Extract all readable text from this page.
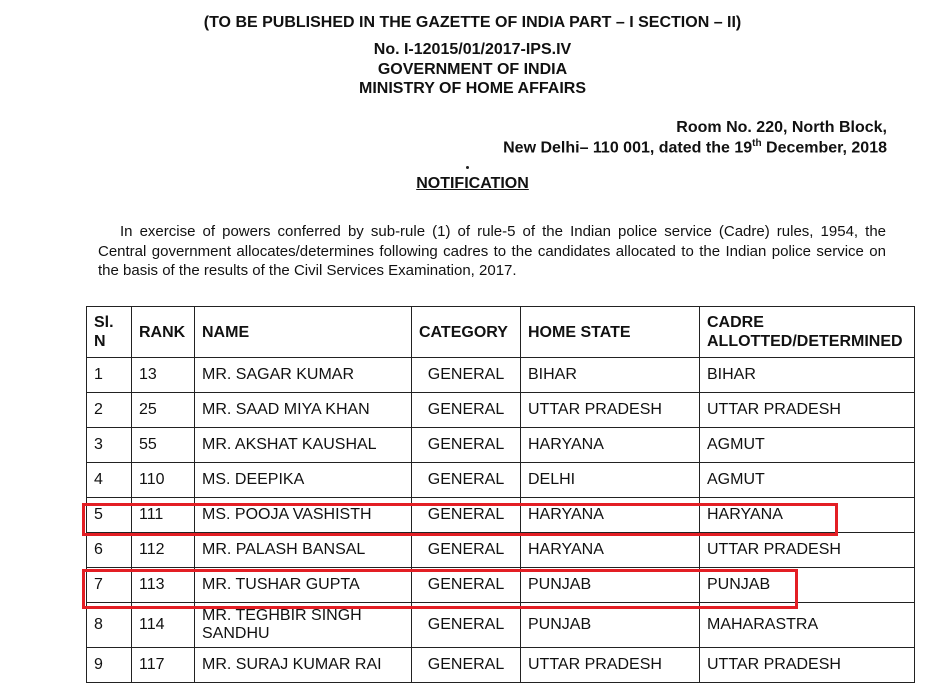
(TO BE PUBLISHED IN THE GAZETTE OF INDIA PART – I SECTION – II)
No. I-12015/01/2017-IPS.IV
GOVERNMENT OF INDIA
MINISTRY OF HOME AFFAIRS
Room No. 220, North Block,
New Delhi– 110 001, dated the 19th December, 2018
NOTIFICATION
In exercise of powers conferred by sub-rule (1) of rule-5 of the Indian police service (Cadre) rules, 1954, the Central government allocates/determines following cadres to the candidates allocated to the Indian police service on the basis of the results of the Civil Services Examination, 2017.
Sl. N	RANK	NAME	CATEGORY	HOME STATE	CADRE ALLOTTED/DETERMINED
1	13	MR. SAGAR KUMAR	GENERAL	BIHAR	BIHAR
2	25	MR. SAAD MIYA KHAN	GENERAL	UTTAR PRADESH	UTTAR PRADESH
3	55	MR. AKSHAT KAUSHAL	GENERAL	HARYANA	AGMUT
4	110	MS. DEEPIKA	GENERAL	DELHI	AGMUT
5	111	MS. POOJA VASHISTH	GENERAL	HARYANA	HARYANA
6	112	MR. PALASH BANSAL	GENERAL	HARYANA	UTTAR PRADESH
7	113	MR. TUSHAR GUPTA	GENERAL	PUNJAB	PUNJAB
8	114	MR. TEGHBIR SINGH SANDHU	GENERAL	PUNJAB	MAHARASTRA
9	117	MR. SURAJ KUMAR RAI	GENERAL	UTTAR PRADESH	UTTAR PRADESH
